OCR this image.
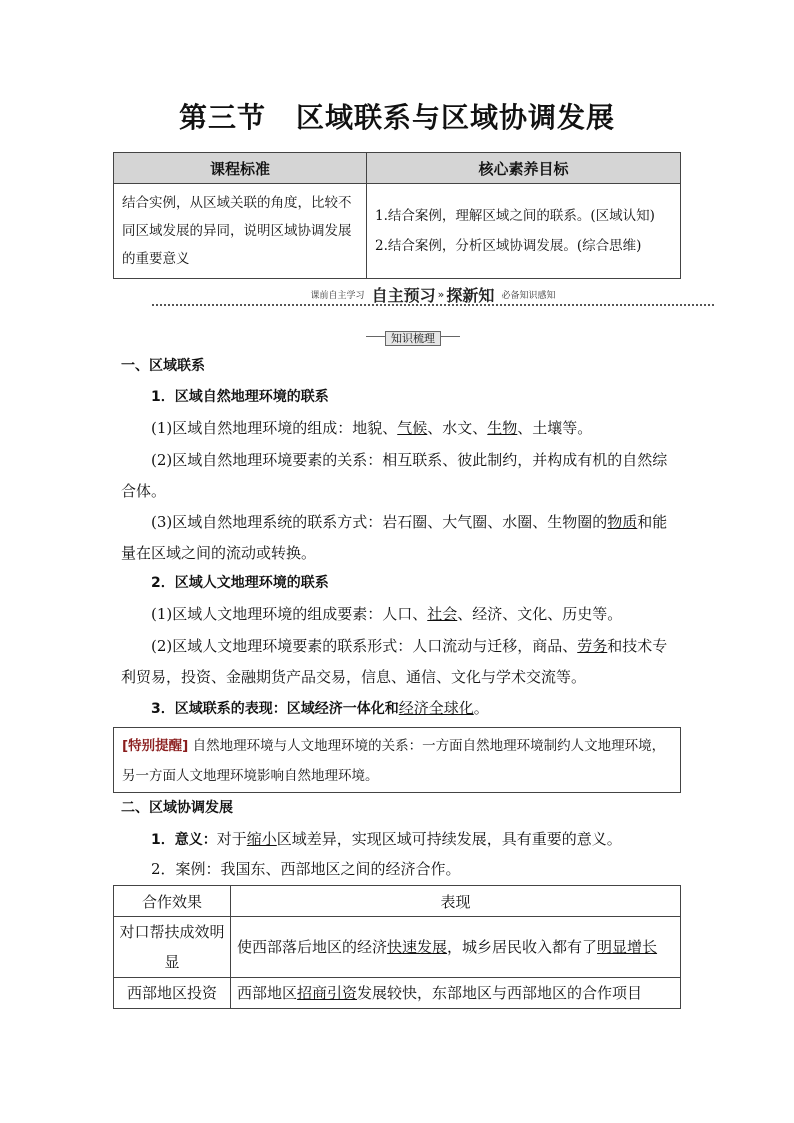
第三节 区域联系与区域协调发展
课程标准	核心素养目标
结合实例，从区域关联的角度，比较不同区域发展的异同，说明区域协调发展的重要意义	1.结合案例，理解区域之间的联系。(区域认知)
2.结合案例，分析区域协调发展。(综合思维)
课前自主学习 自主预习 » 探新知 必备知识感知
知识梳理

一、区域联系

1．区域自然地理环境的联系

(1)区域自然地理环境的组成：地貌、气候、水文、生物、土壤等。

(2)区域自然地理环境要素的关系：相互联系、彼此制约，并构成有机的自然综合体。

(3)区域自然地理系统的联系方式：岩石圈、大气圈、水圈、生物圈的物质和能量在区域之间的流动或转换。

2．区域人文地理环境的联系

(1)区域人文地理环境的组成要素：人口、社会、经济、文化、历史等。

(2)区域人文地理环境要素的联系形式：人口流动与迁移，商品、劳务和技术专利贸易，投资、金融期货产品交易，信息、通信、文化与学术交流等。

3．区域联系的表现：区域经济一体化和经济全球化。

[特别提醒] 自然地理环境与人文地理环境的关系：一方面自然地理环境制约人文地理环境，另一方面人文地理环境影响自然地理环境。

二、区域协调发展

1．意义：对于缩小区域差异，实现区域可持续发展，具有重要的意义。

2．案例：我国东、西部地区之间的经济合作。

合作效果	表现
对口帮扶成效明显	使西部落后地区的经济快速发展，城乡居民收入都有了明显增长
西部地区投资	西部地区招商引资发展较快，东部地区与西部地区的合作项目
